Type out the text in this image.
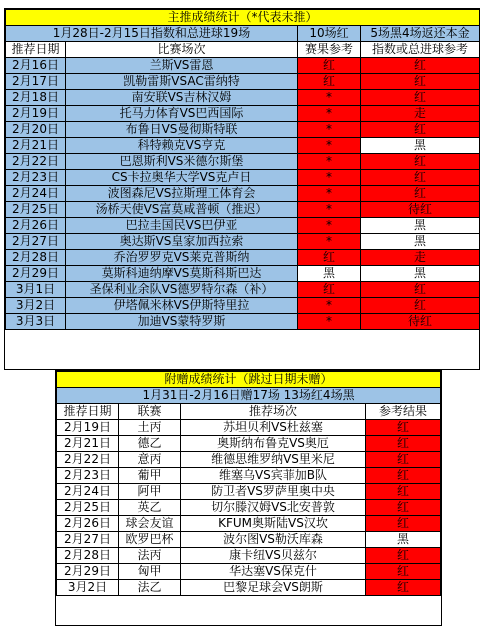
主推成绩统计（*代表未推）			
1月28日-2月15日指数和总进球19场		10场红	5场黑4场返还本金
推荐日期	比赛场次	赛果参考	指数或总进球参考
2月16日	兰斯VS雷恩	红	红
2月17日	凯勒雷斯VSAC雷纳特	红	红
2月18日	南安联VS吉林汉姆	*	红
2月19日	托马力体育VS巴西国际	*	走
2月20日	布鲁日VS曼彻斯特联	*	红
2月21日	科特赖克VS亨克	*	黑
2月22日	巴恩斯利VS米德尔斯堡	*	红
2月23日	CS卡拉奥华大学VS克卢日	*	红
2月24日	波图森尼VS拉斯理工体育会	*	红
2月25日	汤桥天使VS富莫咸普顿（推迟）	*	待红
2月26日	巴拉圭国民VS巴伊亚	*	黑
2月27日	奥达斯VS皇家加西拉索	*	黑
2月28日	乔治罗罗克VS莱克普斯纳	红	走
2月29日	莫斯科迪纳摩VS莫斯科斯巴达	黑	黑
3月1日	圣保利业余队VS德罗特尔森（补）	红	红
3月2日	伊塔佩米林VS伊斯特里拉	*	红
3月3日	加迪VS蒙特罗斯	*	待红
附赠成绩统计（跳过日期未赠）			
1月31日-2月16日赠17场 13场红4场黑			
推荐日期	联赛	推荐场次	参考结果
2月19日	土丙	苏坦贝利VS杜兹塞	红
2月21日	德乙	奥斯纳布鲁克VS奥厄	红
2月22日	意丙	维德思维罗纳VS里米尼	红
2月23日	葡甲	维塞乌VS宾菲加B队	红
2月24日	阿甲	防卫者VS罗萨里奥中央	红
2月25日	英乙	切尔滕汉姆VS北安普敦	红
2月26日	球会友谊	KFUM奥斯陆VS汉坎	红
2月27日	欧罗巴杯	波尔图VS勒沃库森	黑
2月28日	法丙	康卡纽VS贝兹尔	红
2月29日	匈甲	华达塞VS保克什	红
3月2日	法乙	巴黎足球会VS朗斯	红
